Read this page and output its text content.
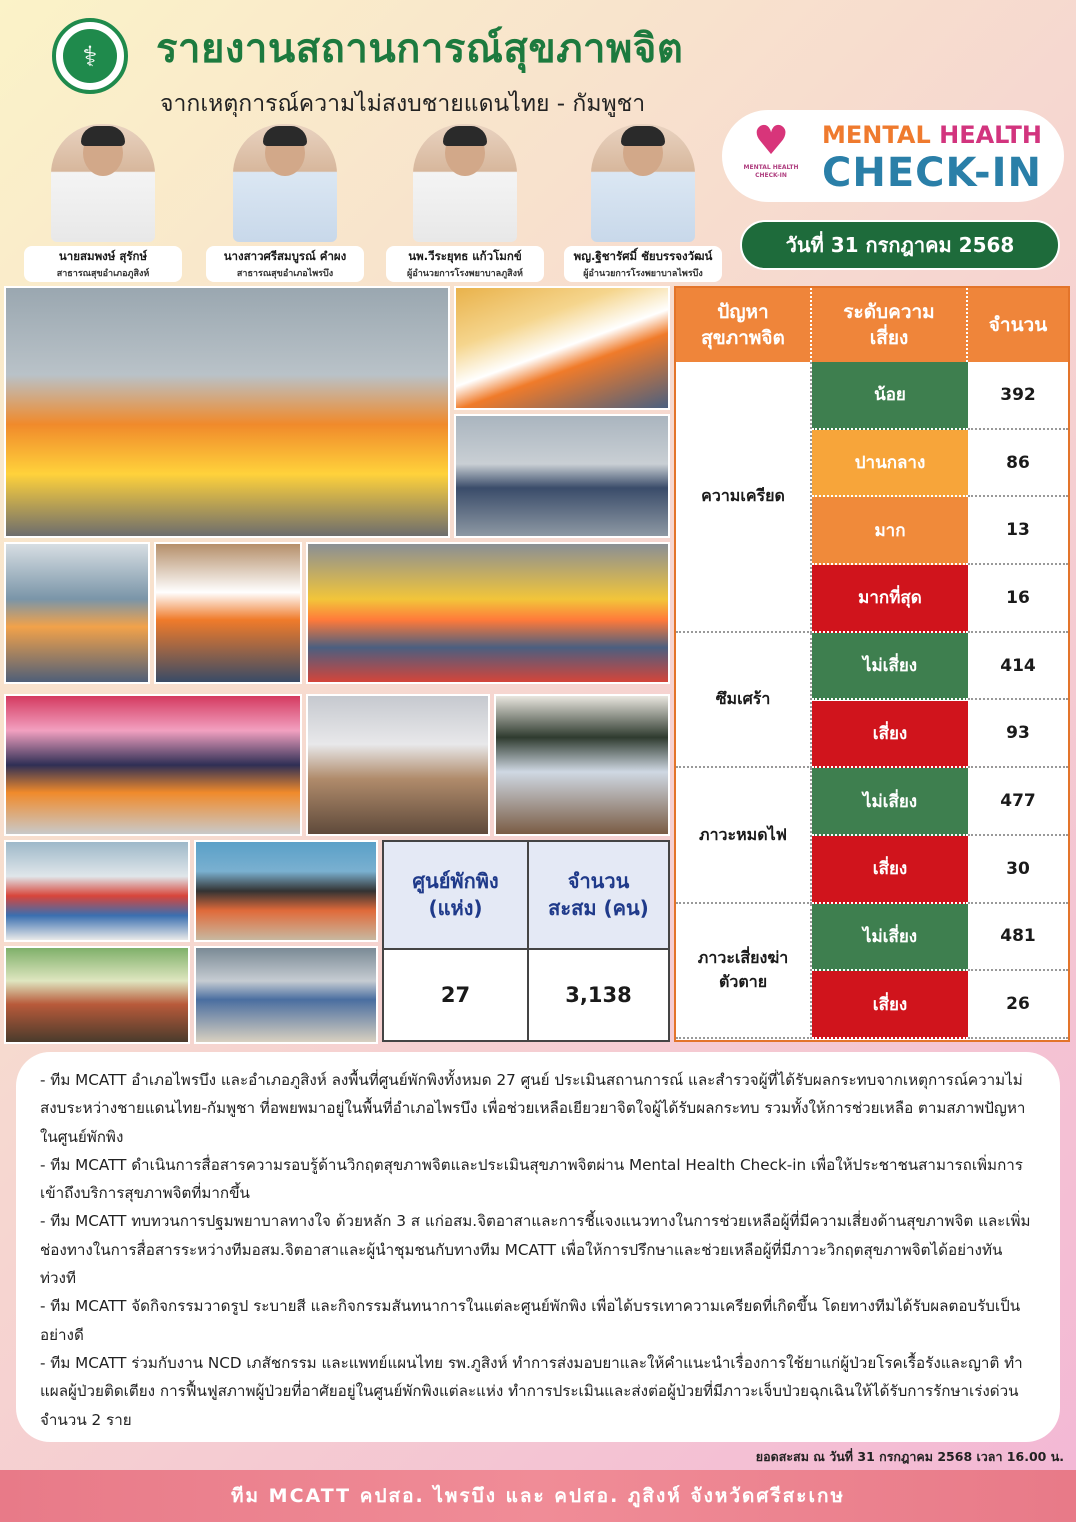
⚕	รายงานสถานการณ์สุขภาพจิต
จากเหตุการณ์ความไม่สงบชายแดนไทย - กัมพูชา
นายสมพงษ์ สุรักษ์
สาธารณสุขอำเภอภูสิงห์
นางสาวศรีสมบูรณ์ คำผง
สาธารณสุขอำเภอไพรบึง
นพ.วีระยุทธ แก้วโมกข์
ผู้อำนวยการโรงพยาบาลภูสิงห์
พญ.ฐิชารัศมิ์ ชัยบรรจงวัฒน์
ผู้อำนวยการโรงพยาบาลไพรบึง
♥
MENTAL HEALTH CHECK-IN
MENTAL HEALTH
CHECK-IN
วันที่ 31 กรกฎาคม 2568
ศูนย์พักพิง
(แห่ง)
จำนวน
สะสม (คน)
27	3,138
ปัญหา
สุขภาพจิต
ระดับความ
เสี่ยง
จำนวน
ความเครียด
น้อย	392
ปานกลาง	86
มาก	13
มากที่สุด	16
ซึมเศร้า
ไม่เสี่ยง	414
เสี่ยง	93
ภาวะหมดไฟ
ไม่เสี่ยง	477
เสี่ยง	30
ภาวะเสี่ยงฆ่า
ตัวตาย
ไม่เสี่ยง	481
เสี่ยง	26

- ทีม MCATT อำเภอไพรบึง และอำเภอภูสิงห์ ลงพื้นที่ศูนย์พักพิงทั้งหมด 27 ศูนย์ ประเมินสถานการณ์ และสำรวจผู้ที่ได้รับผลกระทบจากเหตุการณ์ความไม่สงบระหว่างชายแดนไทย-กัมพูชา ที่อพยพมาอยู่ในพื้นที่อำเภอไพรบึง เพื่อช่วยเหลือเยียวยาจิตใจผู้ได้รับผลกระทบ รวมทั้งให้การช่วยเหลือ ตามสภาพปัญหาในศูนย์พักพิง

- ทีม MCATT ดำเนินการสื่อสารความรอบรู้ด้านวิกฤตสุขภาพจิตและประเมินสุขภาพจิตผ่าน Mental Health Check-in เพื่อให้ประชาชนสามารถเพิ่มการเข้าถึงบริการสุขภาพจิตที่มากขึ้น

- ทีม MCATT ทบทวนการปฐมพยาบาลทางใจ ด้วยหลัก 3 ส แก่อสม.จิตอาสาและการชี้แจงแนวทางในการช่วยเหลือผู้ที่มีความเสี่ยงด้านสุขภาพจิต และเพิ่มช่องทางในการสื่อสารระหว่างทีมอสม.จิตอาสาและผู้นำชุมชนกับทางทีม MCATT เพื่อให้การปรึกษาและช่วยเหลือผู้ที่มีภาวะวิกฤตสุขภาพจิตได้อย่างทันท่วงที

- ทีม MCATT จัดกิจกรรมวาดรูป ระบายสี และกิจกรรมสันทนาการในแต่ละศูนย์พักพิง เพื่อได้บรรเทาความเครียดที่เกิดขึ้น โดยทางทีมได้รับผลตอบรับเป็นอย่างดี

- ทีม MCATT ร่วมกับงาน NCD เภสัชกรรม และแพทย์แผนไทย รพ.ภูสิงห์ ทำการส่งมอบยาและให้คำแนะนำเรื่องการใช้ยาแก่ผู้ป่วยโรคเรื้อรังและญาติ ทำแผลผู้ป่วยติดเตียง การฟื้นฟูสภาพผู้ป่วยที่อาศัยอยู่ในศูนย์พักพิงแต่ละแห่ง ทำการประเมินและส่งต่อผู้ป่วยที่มีภาวะเจ็บป่วยฉุกเฉินให้ได้รับการรักษาเร่งด่วน จำนวน 2 ราย

ยอดสะสม ณ วันที่ 31 กรกฎาคม 2568 เวลา 16.00 น.
ทีม MCATT คปสอ. ไพรบึง และ คปสอ. ภูสิงห์ จังหวัดศรีสะเกษ
